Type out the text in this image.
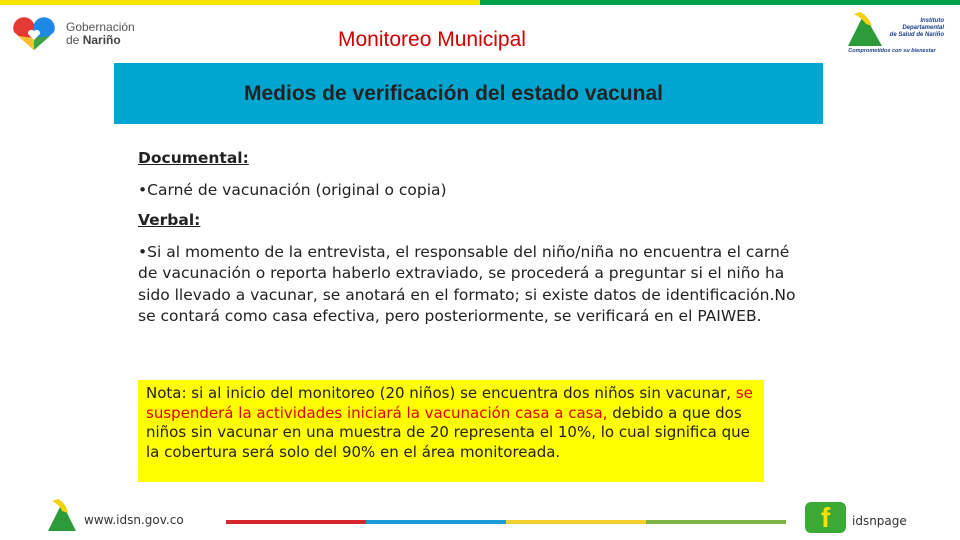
Gobernación
de Nariño	Monitoreo Municipal
Instituto
Departamental
de Salud de Nariño
Comprometidos con su bienestar
Medios de verificación del estado vacunal
Documental:
•Carné de vacunación (original o copia)
Verbal:
•Si al momento de la entrevista, el responsable del niño/niña no encuentra el carné de vacunación o reporta haberlo extraviado, se procederá a preguntar si el niño ha sido llevado a vacunar, se anotará en el formato; si existe datos de identificación.No se contará como casa efectiva, pero posteriormente, se verificará en el PAIWEB.
Nota: si al inicio del monitoreo (20 niños) se encuentra dos niños sin vacunar, se suspenderá la actividades iniciará la vacunación casa a casa, debido a que dos niños sin vacunar en una muestra de 20 representa el 10%, lo cual significa que la cobertura será solo del 90% en el área monitoreada.
www.idsn.gov.co	f	idsnpage
